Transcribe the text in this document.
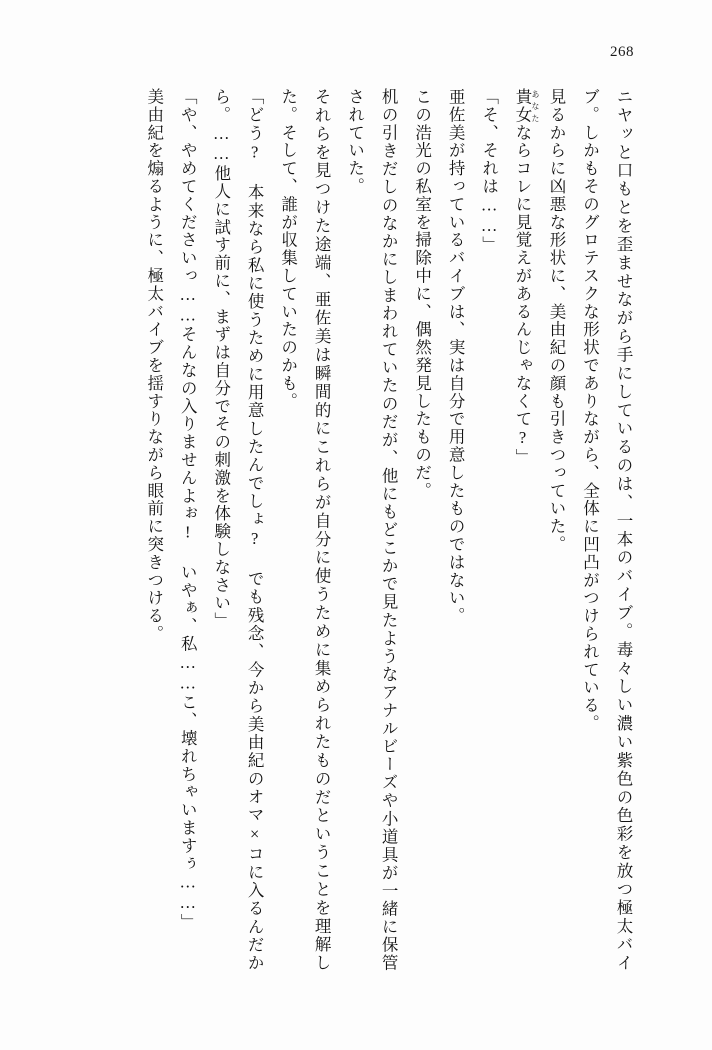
268

ニヤッと口もとを歪ませながら手にしているのは、一本のバイブ。毒々しい濃い紫色の色彩を放つ極太バイブ。しかもそのグロテスクな形状でありながら、全体に凹凸がつけられている。

見るからに凶悪な形状に、美由紀の顔も引きつっていた。

貴女 あなたならコレに見覚えがあるんじゃなくて?」

「そ、それは……」

亜佐美が持っているバイブは、実は自分で用意したものではない。

この浩光の私室を掃除中に、偶然発見したものだ。

机の引きだしのなかにしまわれていたのだが、他にもどこかで見たようなアナルビーズや小道具が一緒に保管されていた。

それらを見つけた途端、亜佐美は瞬間的にこれらが自分に使うために集められたものだということを理解した。そして、誰が収集していたのかも。

「どう? 本来なら私に使うために用意したんでしょ? でも残念、今から美由紀のオマ×コに入るんだから。……他人に試す前に、まずは自分でその刺激を体験しなさい」

「や、やめてくださいっ……そんなの入りませんよぉ! いやぁ、私……こ、壊れちゃいますぅ……」

美由紀を煽るように、極太バイブを揺すりながら眼前に突きつける。
